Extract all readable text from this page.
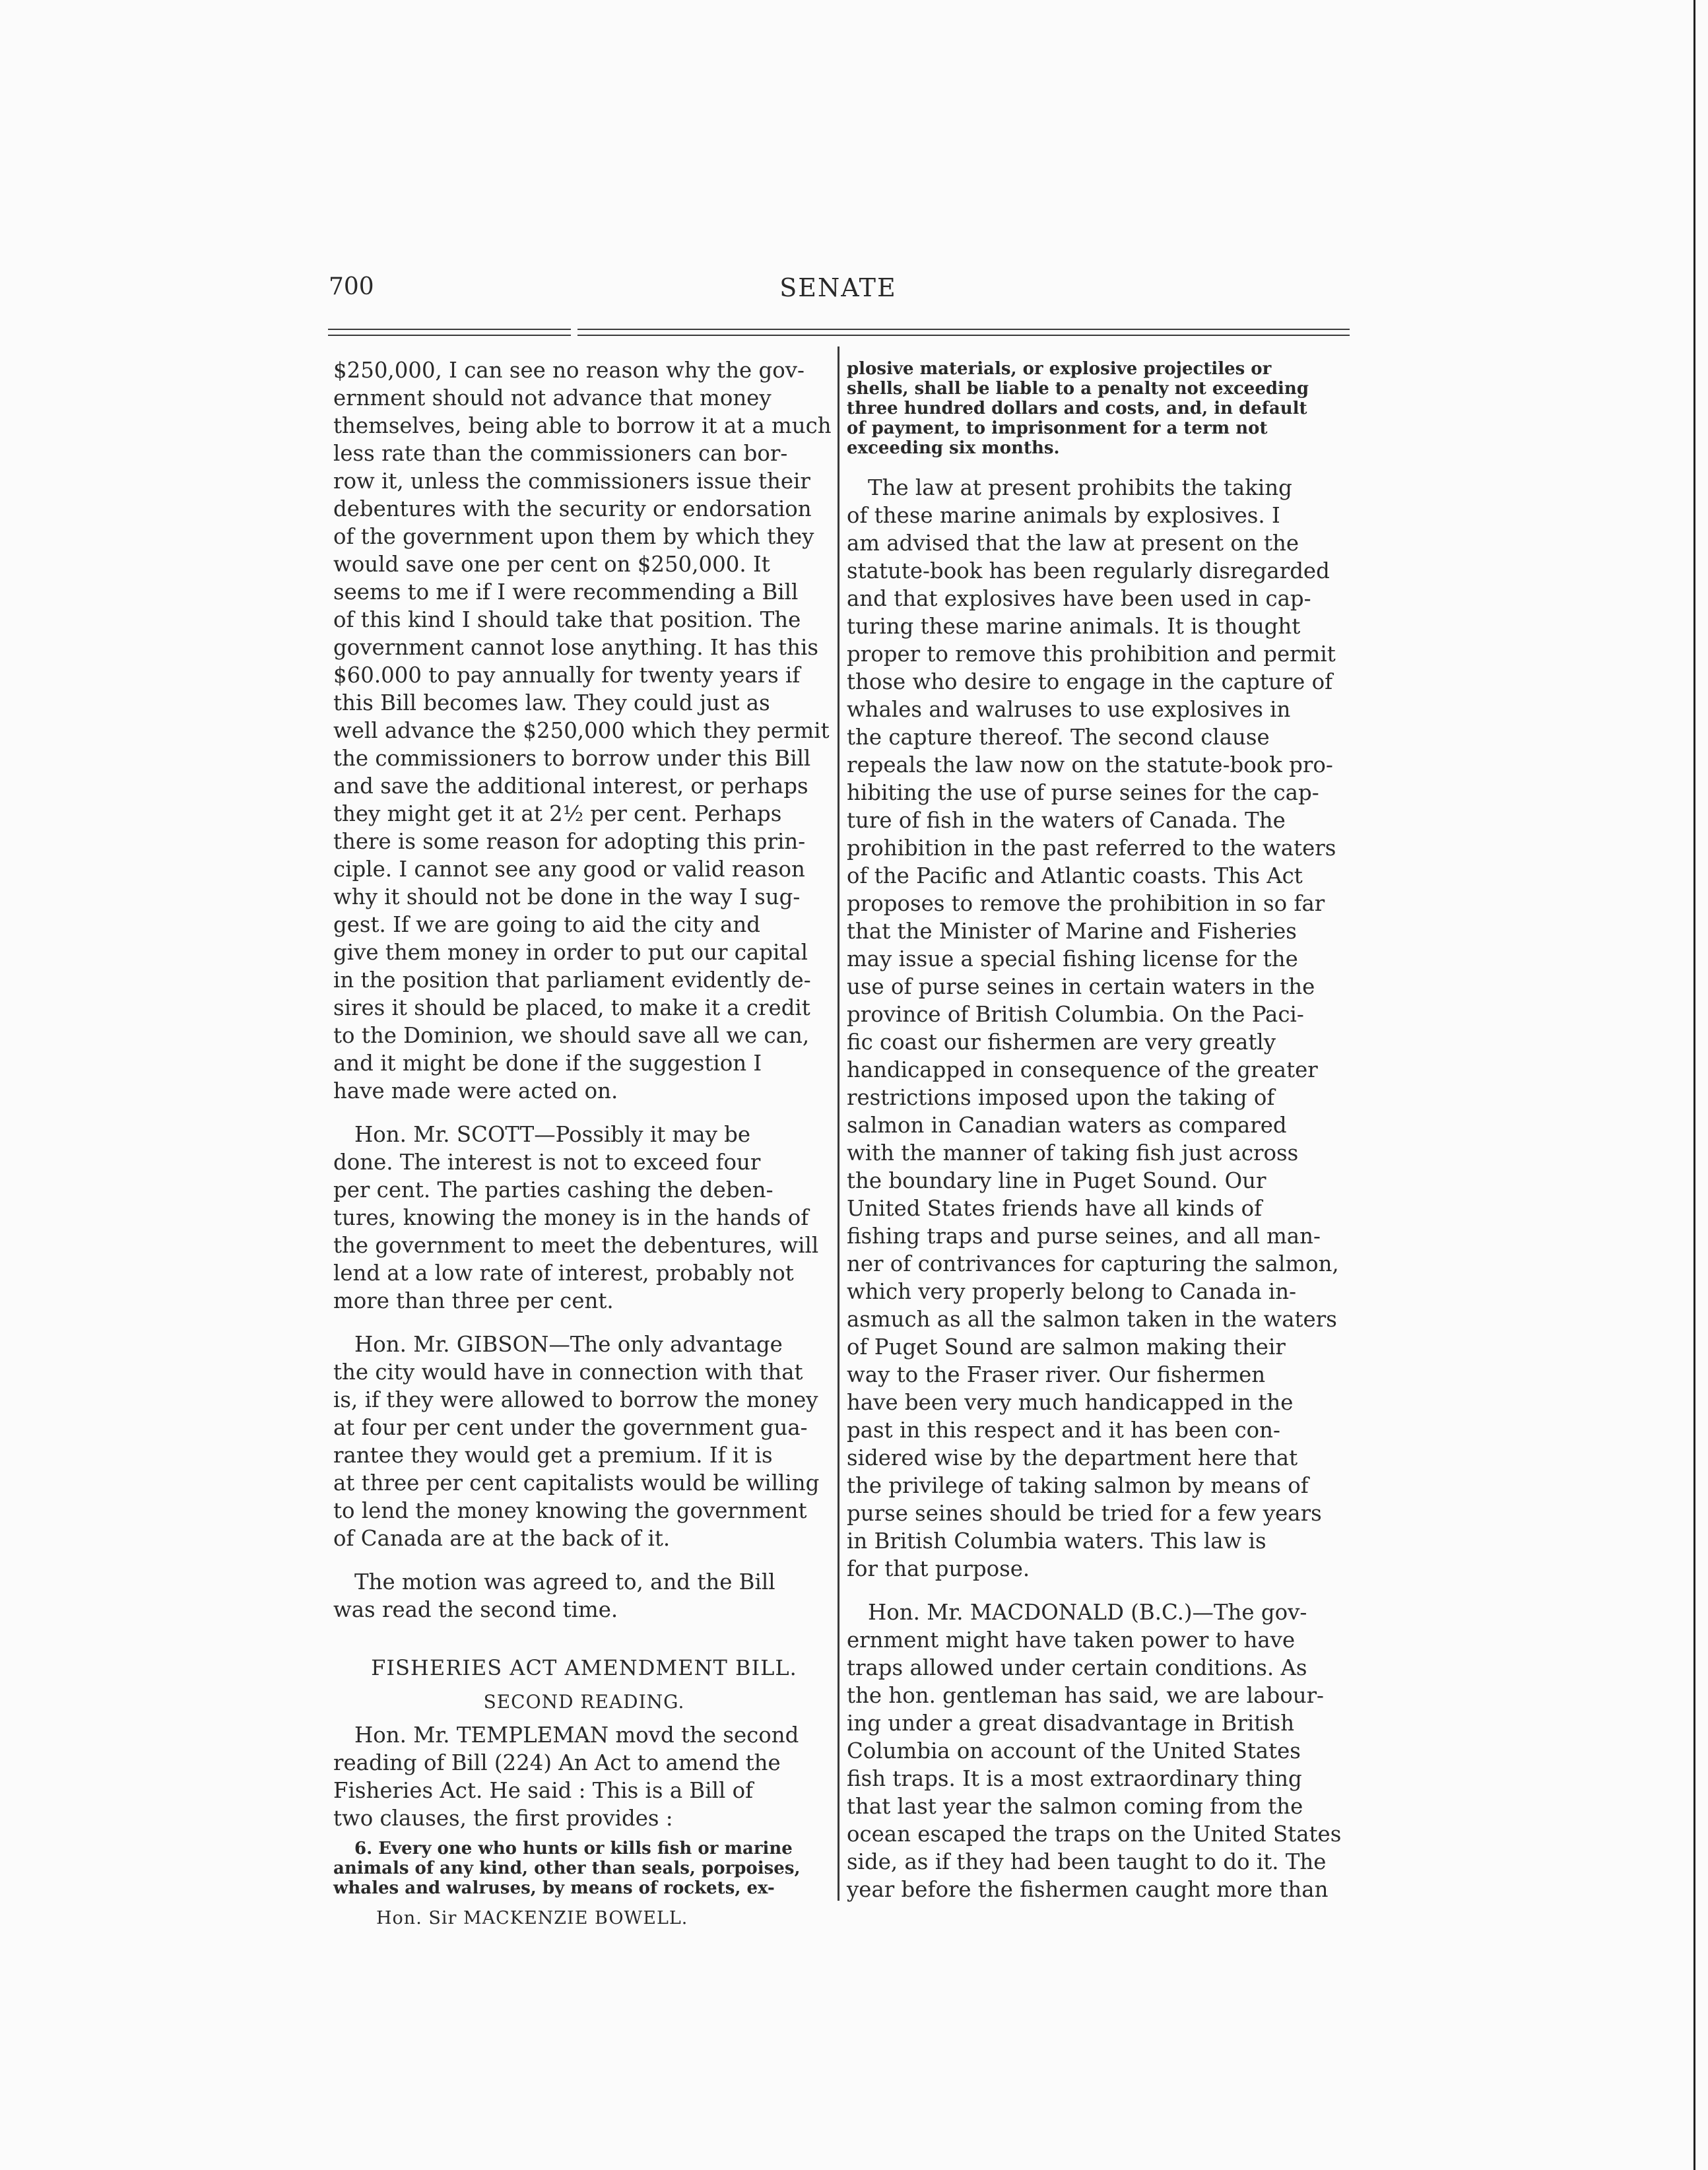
700	SENATE

$250,000, I can see no reason why the gov-

ernment should not advance that money

themselves, being able to borrow it at a much

less rate than the commissioners can bor-

row it, unless the commissioners issue their

debentures with the security or endorsation

of the government upon them by which they

would save one per cent on $250,000. It

seems to me if I were recommending a Bill

of this kind I should take that position. The

government cannot lose anything. It has this

$60.000 to pay annually for twenty years if

this Bill becomes law. They could just as

well advance the $250,000 which they permit

the commissioners to borrow under this Bill

and save the additional interest, or perhaps

they might get it at 2½ per cent. Perhaps

there is some reason for adopting this prin-

ciple. I cannot see any good or valid reason

why it should not be done in the way I sug-

gest. If we are going to aid the city and

give them money in order to put our capital

in the position that parliament evidently de-

sires it should be placed, to make it a credit

to the Dominion, we should save all we can,

and it might be done if the suggestion I

have made were acted on.

Hon. Mr. SCOTT—Possibly it may be

done. The interest is not to exceed four

per cent. The parties cashing the deben-

tures, knowing the money is in the hands of

the government to meet the debentures, will

lend at a low rate of interest, probably not

more than three per cent.

Hon. Mr. GIBSON—The only advantage

the city would have in connection with that

is, if they were allowed to borrow the money

at four per cent under the government gua-

rantee they would get a premium. If it is

at three per cent capitalists would be willing

to lend the money knowing the government

of Canada are at the back of it.

The motion was agreed to, and the Bill

was read the second time.

FISHERIES ACT AMENDMENT BILL.

SECOND READING.

Hon. Mr. TEMPLEMAN movd the second

reading of Bill (224) An Act to amend the

Fisheries Act. He said : This is a Bill of

two clauses, the first provides :

6. Every one who hunts or kills fish or marine

animals of any kind, other than seals, porpoises,

whales and walruses, by means of rockets, ex-

Hon. Sir MACKENZIE BOWELL.

plosive materials, or explosive projectiles or

shells, shall be liable to a penalty not exceeding

three hundred dollars and costs, and, in default

of payment, to imprisonment for a term not

exceeding six months.

The law at present prohibits the taking

of these marine animals by explosives. I

am advised that the law at present on the

statute-book has been regularly disregarded

and that explosives have been used in cap-

turing these marine animals. It is thought

proper to remove this prohibition and permit

those who desire to engage in the capture of

whales and walruses to use explosives in

the capture thereof. The second clause

repeals the law now on the statute-book pro-

hibiting the use of purse seines for the cap-

ture of fish in the waters of Canada. The

prohibition in the past referred to the waters

of the Pacific and Atlantic coasts. This Act

proposes to remove the prohibition in so far

that the Minister of Marine and Fisheries

may issue a special fishing license for the

use of purse seines in certain waters in the

province of British Columbia. On the Paci-

fic coast our fishermen are very greatly

handicapped in consequence of the greater

restrictions imposed upon the taking of

salmon in Canadian waters as compared

with the manner of taking fish just across

the boundary line in Puget Sound. Our

United States friends have all kinds of

fishing traps and purse seines, and all man-

ner of contrivances for capturing the salmon,

which very properly belong to Canada in-

asmuch as all the salmon taken in the waters

of Puget Sound are salmon making their

way to the Fraser river. Our fishermen

have been very much handicapped in the

past in this respect and it has been con-

sidered wise by the department here that

the privilege of taking salmon by means of

purse seines should be tried for a few years

in British Columbia waters. This law is

for that purpose.

Hon. Mr. MACDONALD (B.C.)—The gov-

ernment might have taken power to have

traps allowed under certain conditions. As

the hon. gentleman has said, we are labour-

ing under a great disadvantage in British

Columbia on account of the United States

fish traps. It is a most extraordinary thing

that last year the salmon coming from the

ocean escaped the traps on the United States

side, as if they had been taught to do it. The

year before the fishermen caught more than
